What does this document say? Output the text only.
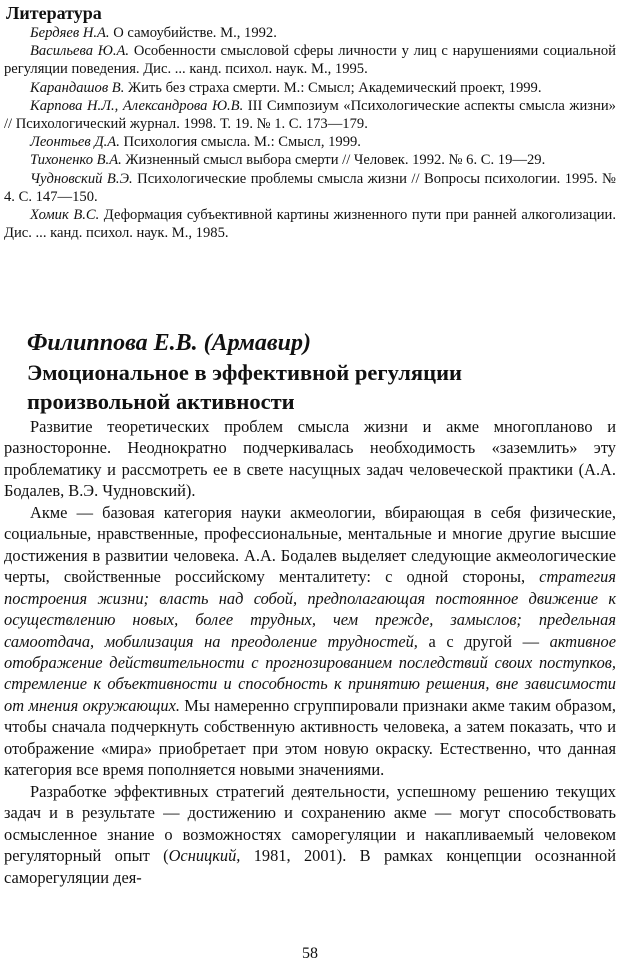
Литература

Бердяев Н.А. О самоубийстве. М., 1992.

Васильева Ю.А. Особенности смысловой сферы личности у лиц с нарушениями социальной регуляции поведения. Дис. ... канд. психол. наук. М., 1995.

Карандашов В. Жить без страха смерти. М.: Смысл; Академический проект, 1999.

Карпова Н.Л., Александрова Ю.В. III Симпозиум «Психологические аспекты смысла жизни» // Психологический журнал. 1998. Т. 19. № 1. С. 173—179.

Леонтьев Д.А. Психология смысла. М.: Смысл, 1999.

Тихоненко В.А. Жизненный смысл выбора смерти // Человек. 1992. № 6. С. 19—29.

Чудновский В.Э. Психологические проблемы смысла жизни // Вопросы психологии. 1995. № 4. С. 147—150.

Хомик В.С. Деформация субъективной картины жизненного пути при ранней алкоголизации. Дис. ... канд. психол. наук. М., 1985.

Филиппова Е.В. (Армавир)
Эмоциональное в эффективной регуляции
произвольной активности

Развитие теоретических проблем смысла жизни и акме многопланово и разносторонне. Неоднократно подчеркивалась необходимость «заземлить» эту проблематику и рассмотреть ее в свете насущных задач человеческой практики (А.А. Бодалев, В.Э. Чудновский).

Акме — базовая категория науки акмеологии, вбирающая в себя физические, социальные, нравственные, профессиональные, ментальные и многие другие высшие достижения в развитии человека. А.А. Бодалев выделяет следующие акмеологические черты, свойственные российскому менталитету: с одной стороны, стратегия построения жизни; власть над собой, предполагающая постоянное движение к осуществлению новых, более трудных, чем прежде, замыслов; предельная самоотдача, мобилизация на преодоление трудностей, а с другой — активное отображение действительности с прогнозированием последствий своих поступков, стремление к объективности и способность к принятию решения, вне зависимости от мнения окружающих. Мы намеренно сгруппировали признаки акме таким образом, чтобы сначала подчеркнуть собственную активность человека, а затем показать, что и отображение «мира» приобретает при этом новую окраску. Естественно, что данная категория все время пополняется новыми значениями.

Разработке эффективных стратегий деятельности, успешному решению текущих задач и в результате — достижению и сохранению акме — могут способствовать осмысленное знание о возможностях саморегуляции и накапливаемый человеком регуляторный опыт (Осницкий, 1981, 2001). В рамках концепции осознанной саморегуляции дея-

58
